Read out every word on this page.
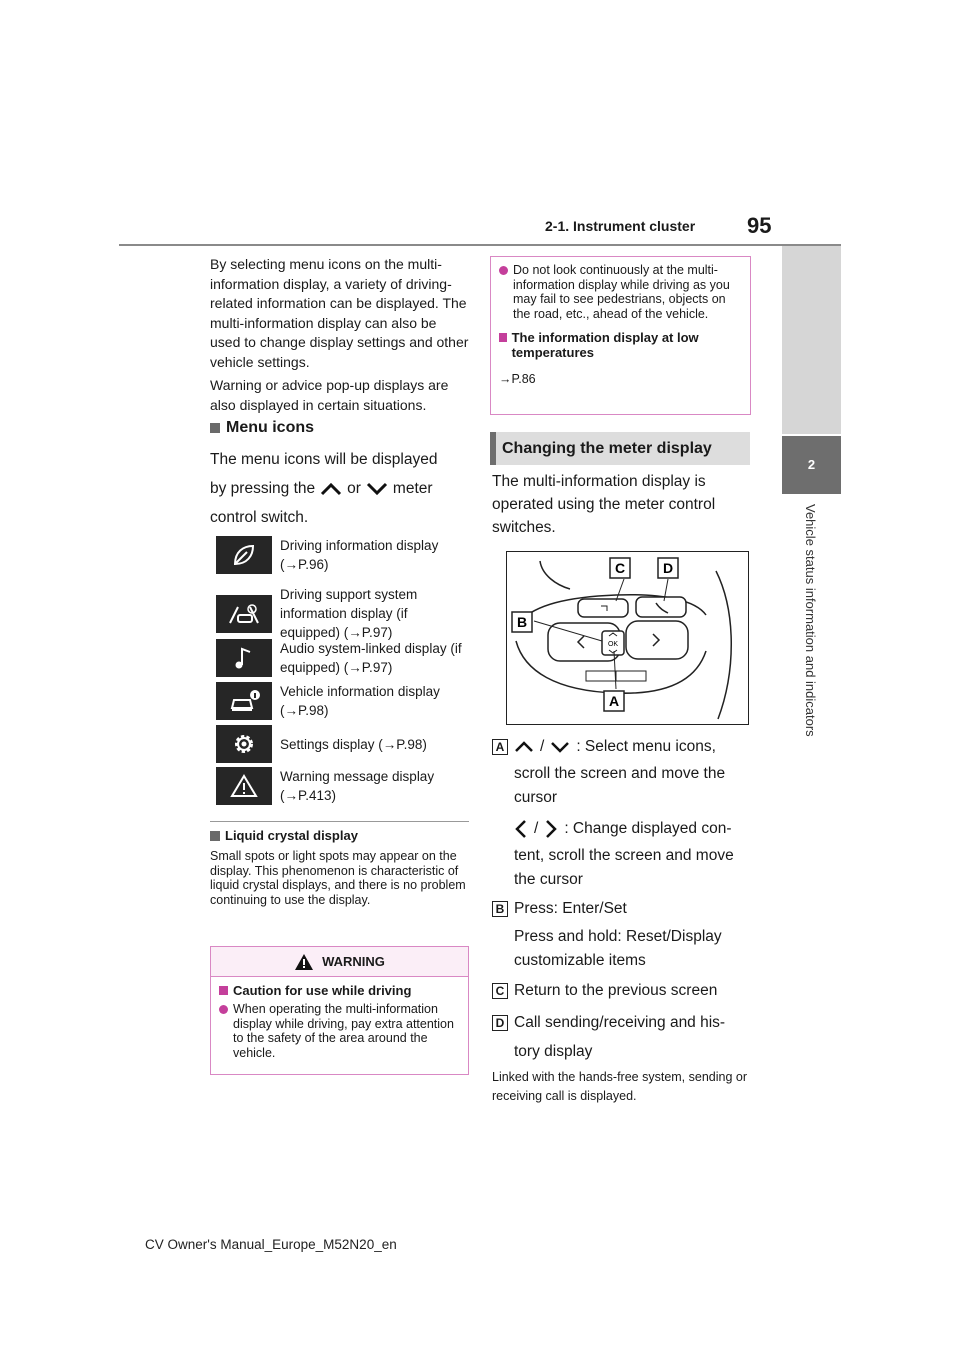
2-1. Instrument cluster 95
2
Vehicle status information and indicators

By selecting menu icons on the multi-information display, a variety of driving-related information can be displayed. The multi-information display can also be used to change display settings and other vehicle settings.

Warning or advice pop-up displays are also displayed in certain situations.

Menu icons
The menu icons will be displayed
by pressing the or meter
control switch.
Driving information display (→P.96)
Driving support system information display (if equipped) (→P.97)
Audio system-linked display (if equipped) (→P.97)
Vehicle information display (→P.98)
Settings display (→P.98)
Warning message display (→P.413)
Liquid crystal display
Small spots or light spots may appear on the display. This phenomenon is characteristic of liquid crystal displays, and there is no problem continuing to use the display.
WARNING
Caution for use while driving
When operating the multi-information display while driving, pay extra attention to the safety of the area around the vehicle.
Do not look continuously at the multi-information display while driving as you may fail to see pedestrians, objects on the road, etc., ahead of the vehicle.
The information display at low temperatures
→P.86
Changing the meter display
The multi-information display is operated using the meter control switches.
OK
C	D
B
A
A / : Select menu icons,
scroll the screen and move the
cursor
/ : Change displayed con-
tent, scroll the screen and move
the cursor
B Press: Enter/Set
Press and hold: Reset/Display
customizable items
C Return to the previous screen
D Call sending/receiving and his-
tory display
Linked with the hands-free system, sending or receiving call is displayed.
CV Owner's Manual_Europe_M52N20_en
